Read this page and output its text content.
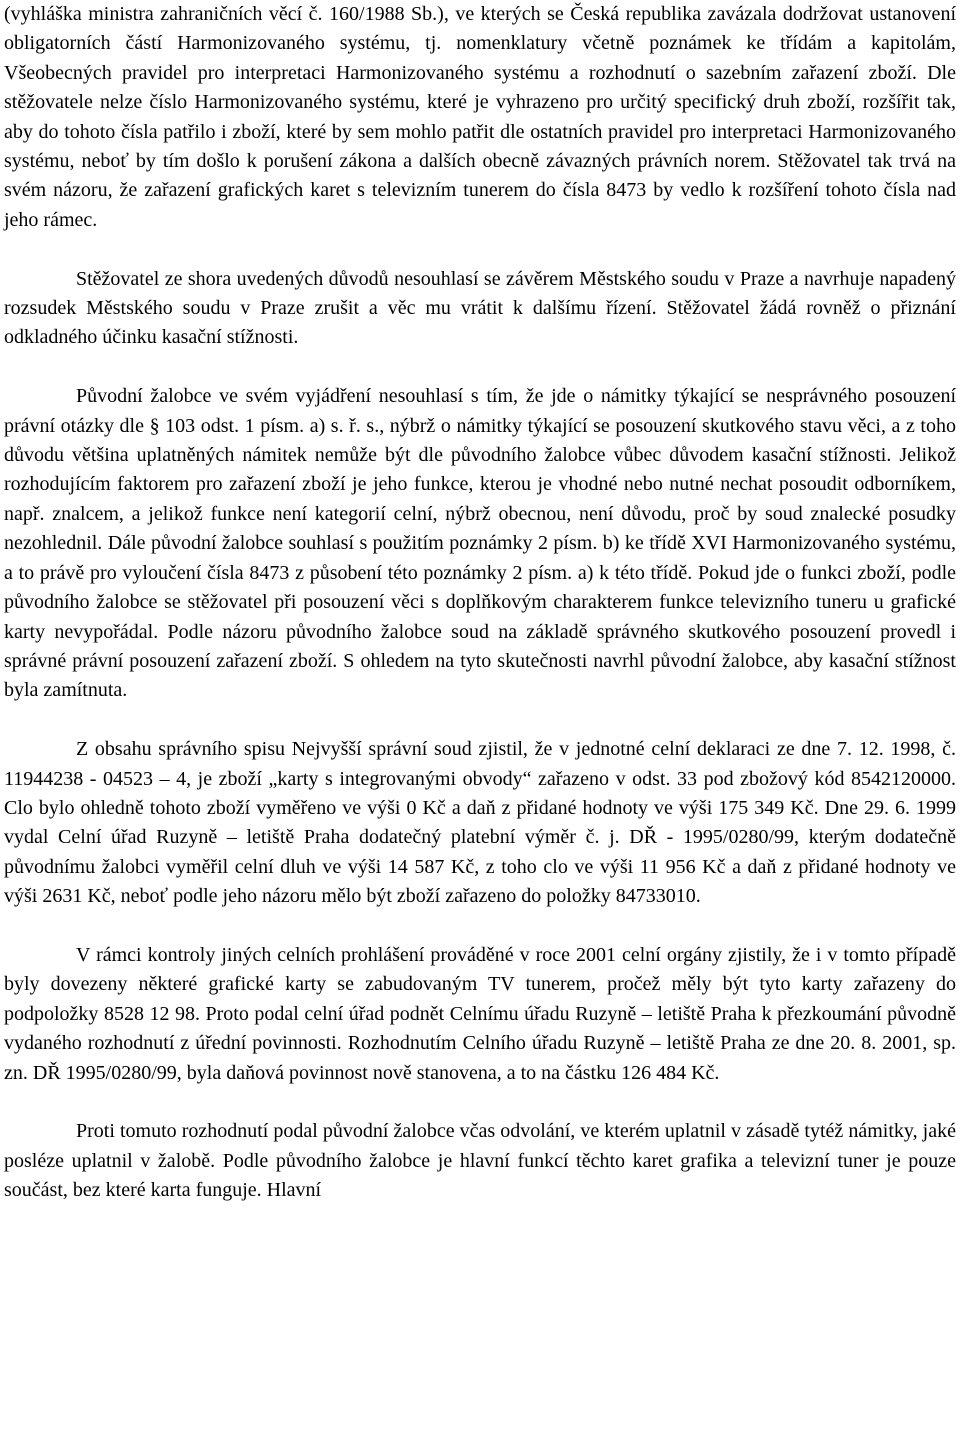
(vyhláška ministra zahraničních věcí č. 160/1988 Sb.), ve kterých se Česká republika zavázala dodržovat ustanovení obligatorních částí Harmonizovaného systému, tj. nomenklatury včetně poznámek ke třídám a kapitolám, Všeobecných pravidel pro interpretaci Harmonizovaného systému a rozhodnutí o sazebním zařazení zboží. Dle stěžovatele nelze číslo Harmonizovaného systému, které je vyhrazeno pro určitý specifický druh zboží, rozšířit tak, aby do tohoto čísla patřilo i zboží, které by sem mohlo patřit dle ostatních pravidel pro interpretaci Harmonizovaného systému, neboť by tím došlo k porušení zákona a dalších obecně závazných právních norem. Stěžovatel tak trvá na svém názoru, že zařazení grafických karet s televizním tunerem do čísla 8473 by vedlo k rozšíření tohoto čísla nad jeho rámec.

Stěžovatel ze shora uvedených důvodů nesouhlasí se závěrem Městského soudu v Praze a navrhuje napadený rozsudek Městského soudu v Praze zrušit a věc mu vrátit k dalšímu řízení. Stěžovatel žádá rovněž o přiznání odkladného účinku kasační stížnosti.

Původní žalobce ve svém vyjádření nesouhlasí s tím, že jde o námitky týkající se nesprávného posouzení právní otázky dle § 103 odst. 1 písm. a) s. ř. s., nýbrž o námitky týkající se posouzení skutkového stavu věci, a z toho důvodu většina uplatněných námitek nemůže být dle původního žalobce vůbec důvodem kasační stížnosti. Jelikož rozhodujícím faktorem pro zařazení zboží je jeho funkce, kterou je vhodné nebo nutné nechat posoudit odborníkem, např. znalcem, a jelikož funkce není kategorií celní, nýbrž obecnou, není důvodu, proč by soud znalecké posudky nezohlednil. Dále původní žalobce souhlasí s použitím poznámky 2 písm. b) ke třídě XVI Harmonizovaného systému, a to právě pro vyloučení čísla 8473 z působení této poznámky 2 písm. a) k této třídě. Pokud jde o funkci zboží, podle původního žalobce se stěžovatel při posouzení věci s doplňkovým charakterem funkce televizního tuneru u grafické karty nevypořádal. Podle názoru původního žalobce soud na základě správného skutkového posouzení provedl i správné právní posouzení zařazení zboží. S ohledem na tyto skutečnosti navrhl původní žalobce, aby kasační stížnost byla zamítnuta.

Z obsahu správního spisu Nejvyšší správní soud zjistil, že v jednotné celní deklaraci ze dne 7. 12. 1998, č. 11944238 - 04523 – 4, je zboží „karty s integrovanými obvody“ zařazeno v odst. 33 pod zbožový kód 8542120000. Clo bylo ohledně tohoto zboží vyměřeno ve výši 0 Kč a daň z přidané hodnoty ve výši 175 349 Kč. Dne 29. 6. 1999 vydal Celní úřad Ruzyně – letiště Praha dodatečný platební výměr č. j. DŘ - 1995/0280/99, kterým dodatečně původnímu žalobci vyměřil celní dluh ve výši 14 587 Kč, z toho clo ve výši 11 956 Kč a daň z přidané hodnoty ve výši 2631 Kč, neboť podle jeho názoru mělo být zboží zařazeno do položky 84733010.

V rámci kontroly jiných celních prohlášení prováděné v roce 2001 celní orgány zjistily, že i v tomto případě byly dovezeny některé grafické karty se zabudovaným TV tunerem, pročež měly být tyto karty zařazeny do podpoložky 8528 12 98. Proto podal celní úřad podnět Celnímu úřadu Ruzyně – letiště Praha k přezkoumání původně vydaného rozhodnutí z úřední povinnosti. Rozhodnutím Celního úřadu Ruzyně – letiště Praha ze dne 20. 8. 2001, sp. zn. DŘ 1995/0280/99, byla daňová povinnost nově stanovena, a to na částku 126 484 Kč.

Proti tomuto rozhodnutí podal původní žalobce včas odvolání, ve kterém uplatnil v zásadě tytéž námitky, jaké posléze uplatnil v žalobě. Podle původního žalobce je hlavní funkcí těchto karet grafika a televizní tuner je pouze součást, bez které karta funguje. Hlavní
